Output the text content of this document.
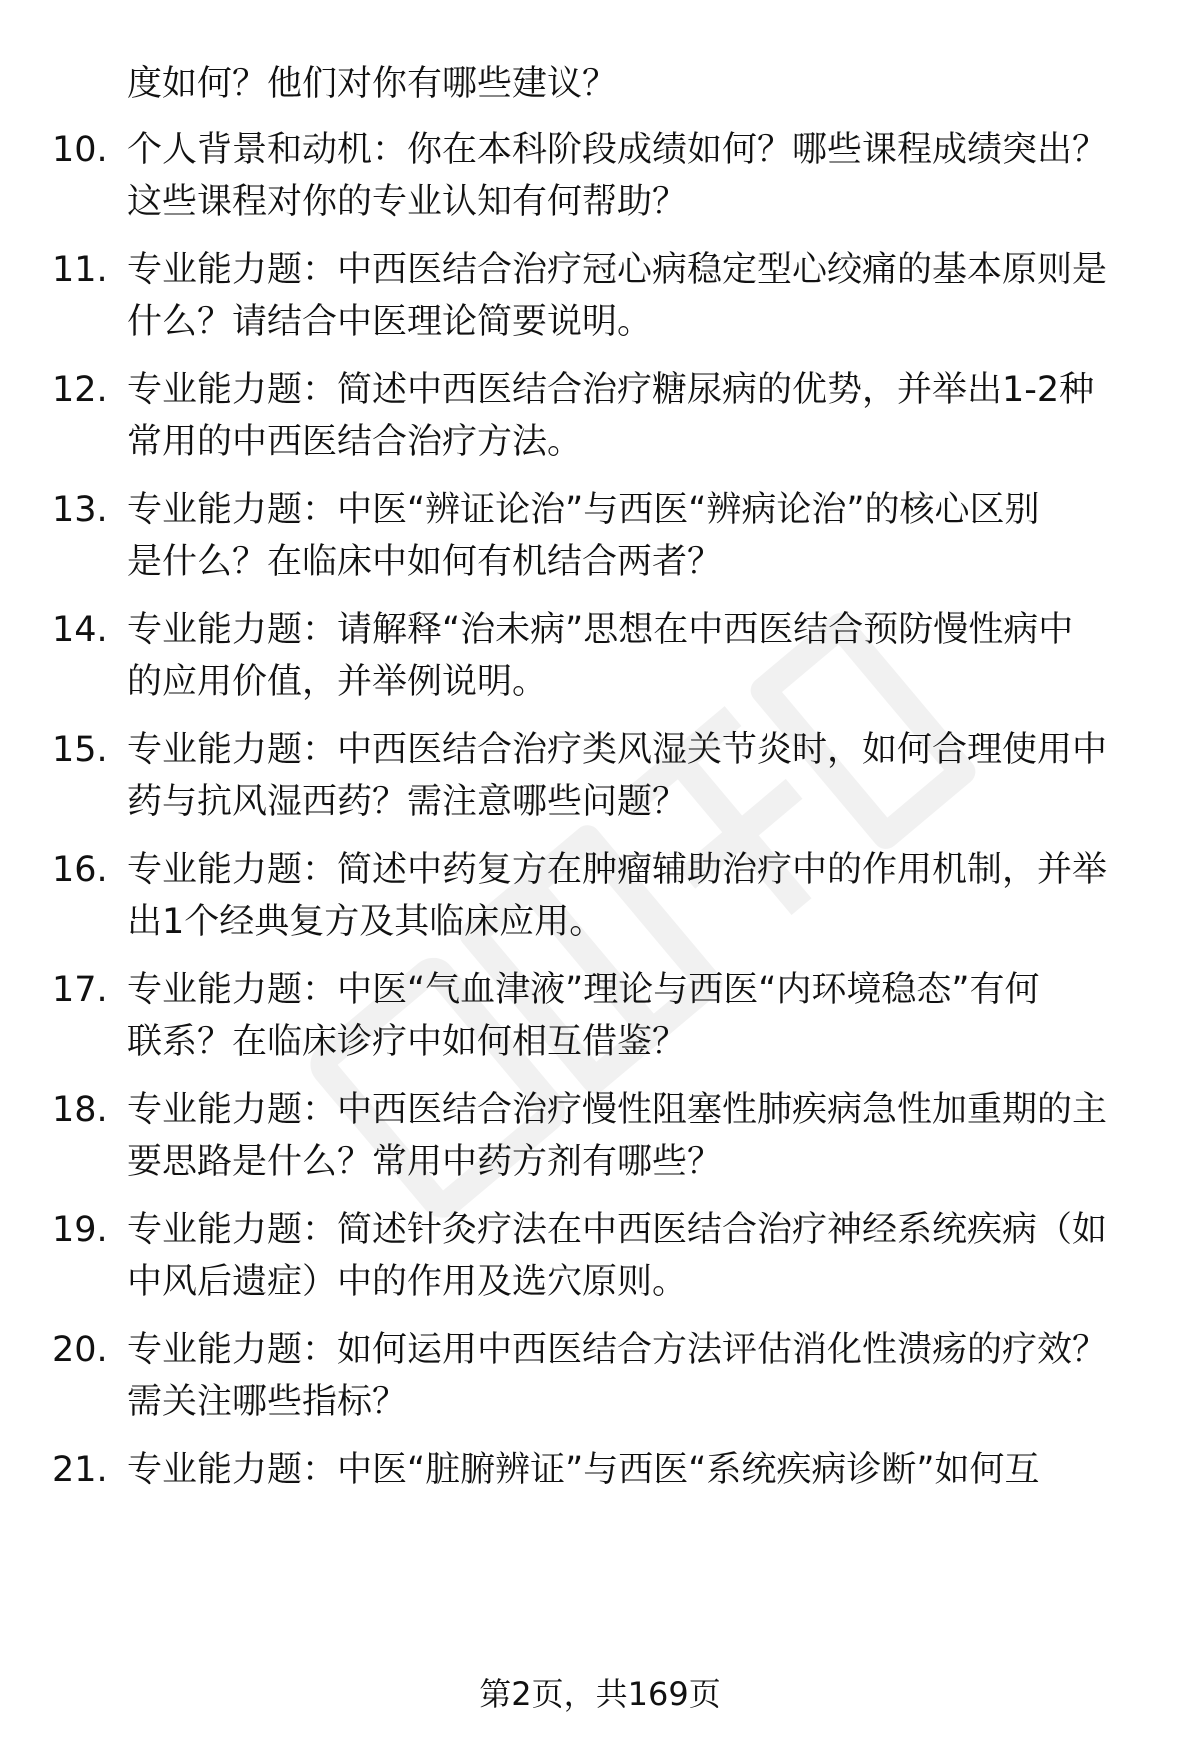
度如何？他们对你有哪些建议？
10. 个人背景和动机：你在本科阶段成绩如何？哪些课程成绩突出？
这些课程对你的专业认知有何帮助？
11. 专业能力题：中西医结合治疗冠心病稳定型心绞痛的基本原则是
什么？请结合中医理论简要说明。
12. 专业能力题：简述中西医结合治疗糖尿病的优势，并举出1-2种
常用的中西医结合治疗方法。
13. 专业能力题：中医“辨证论治”与西医“辨病论治”的核心区别
是什么？在临床中如何有机结合两者？
14. 专业能力题：请解释“治未病”思想在中西医结合预防慢性病中
的应用价值，并举例说明。
15. 专业能力题：中西医结合治疗类风湿关节炎时，如何合理使用中
药与抗风湿西药？需注意哪些问题？
16. 专业能力题：简述中药复方在肿瘤辅助治疗中的作用机制，并举
出1个经典复方及其临床应用。
17. 专业能力题：中医“气血津液”理论与西医“内环境稳态”有何
联系？在临床诊疗中如何相互借鉴？
18. 专业能力题：中西医结合治疗慢性阻塞性肺疾病急性加重期的主
要思路是什么？常用中药方剂有哪些？
19. 专业能力题：简述针灸疗法在中西医结合治疗神经系统疾病（如
中风后遗症）中的作用及选穴原则。
20. 专业能力题：如何运用中西医结合方法评估消化性溃疡的疗效？
需关注哪些指标？
21. 专业能力题：中医“脏腑辨证”与西医“系统疾病诊断”如何互
第2页，共169页
